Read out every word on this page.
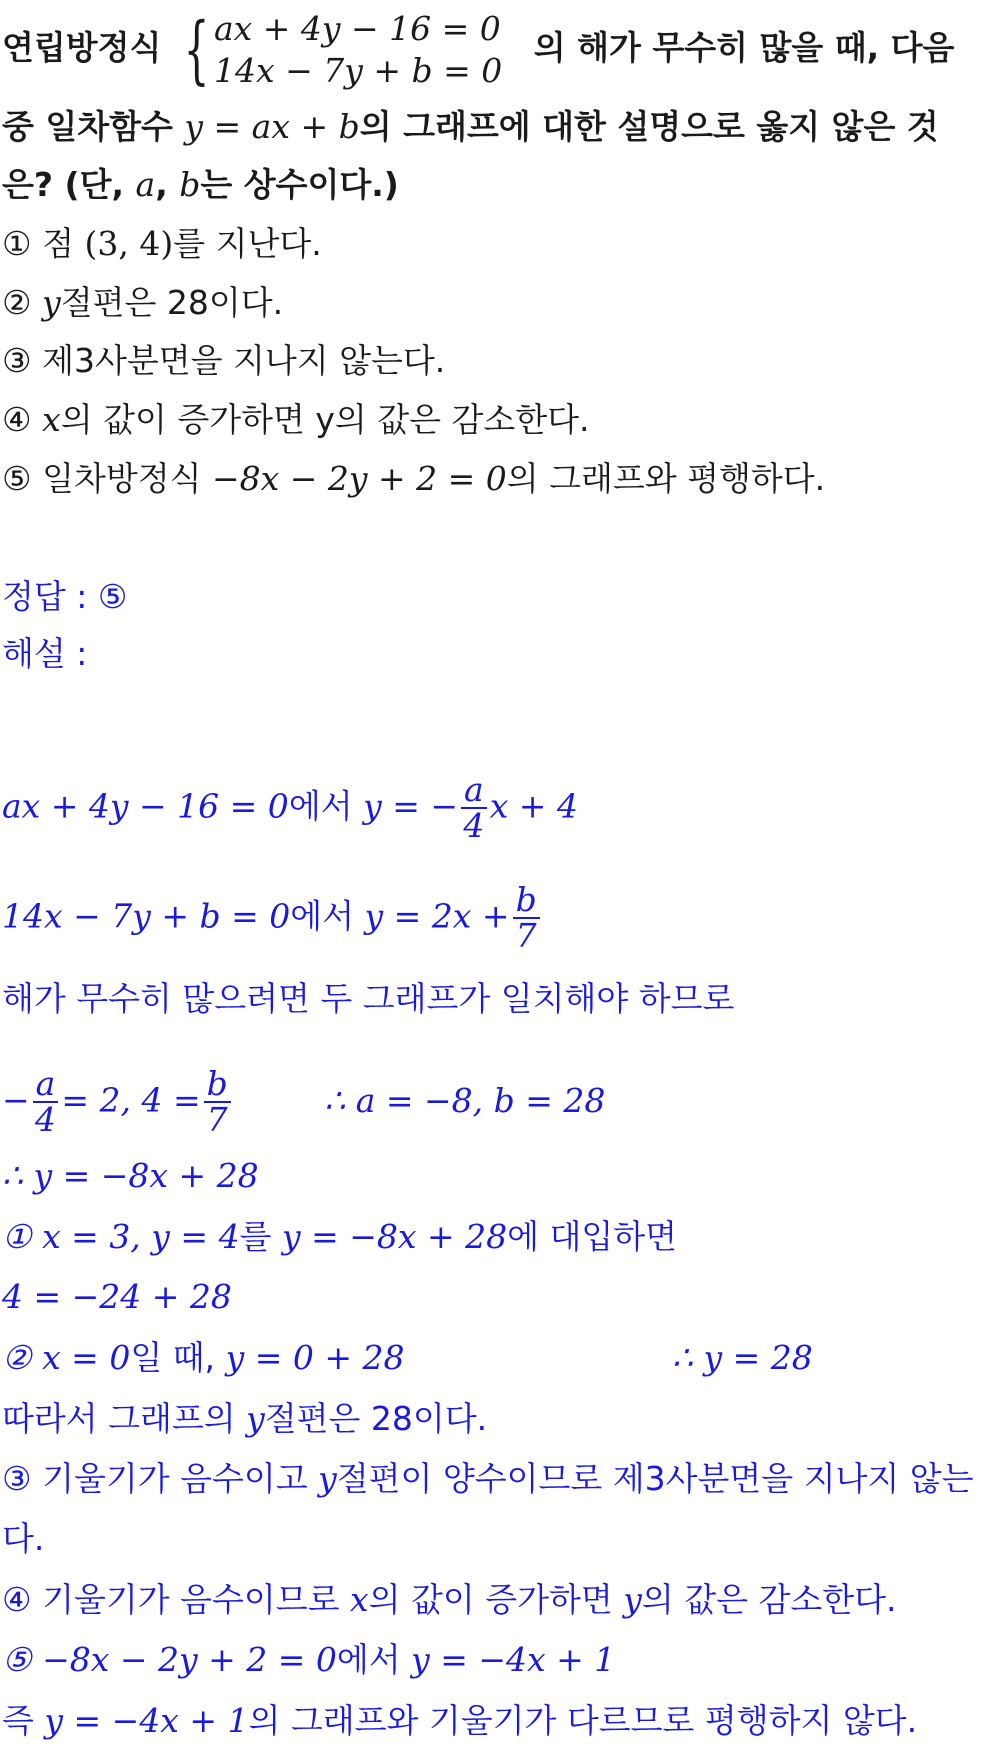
연립방정식 { ax + 4y − 16 = 0
14x − 7y + b = 0
의 해가 무수히 많을 때, 다음
중 일차함수 y = ax + b의 그래프에 대한 설명으로 옳지 않은 것
은? (단, a, b는 상수이다.)
① 점 (3, 4)를 지난다.
② y절편은 28이다.
③ 제3사분면을 지나지 않는다.
④ x의 값이 증가하면 y의 값은 감소한다.
⑤ 일차방정식 −8x − 2y + 2 = 0의 그래프와 평행하다.
정답 : ⑤
해설 :
ax + 4y − 16 = 0에서 y = − $\frac{a}{4}$ x + 4
14x − 7y + b = 0에서 $y = 2x + \frac{b}{7}$
해가 무수히 많으려면 두 그래프가 일치해야 하므로
− $\frac{a}{4} = 2$, $4 = \frac{b}{7}$	∴ a = −8, b = 28
∴ y = −8x + 28
① x = 3, y = 4를 y = −8x + 28에 대입하면
4 = −24 + 28
② x = 0일 때, y = 0 + 28	∴ y = 28
따라서 그래프의 y절편은 28이다.
③ 기울기가 음수이고 y절편이 양수이므로 제3사분면을 지나지 않는
다.
④ 기울기가 음수이므로 x의 값이 증가하면 y의 값은 감소한다.
⑤ −8x − 2y + 2 = 0에서 y = −4x + 1
즉 y = −4x + 1의 그래프와 기울기가 다르므로 평행하지 않다.
